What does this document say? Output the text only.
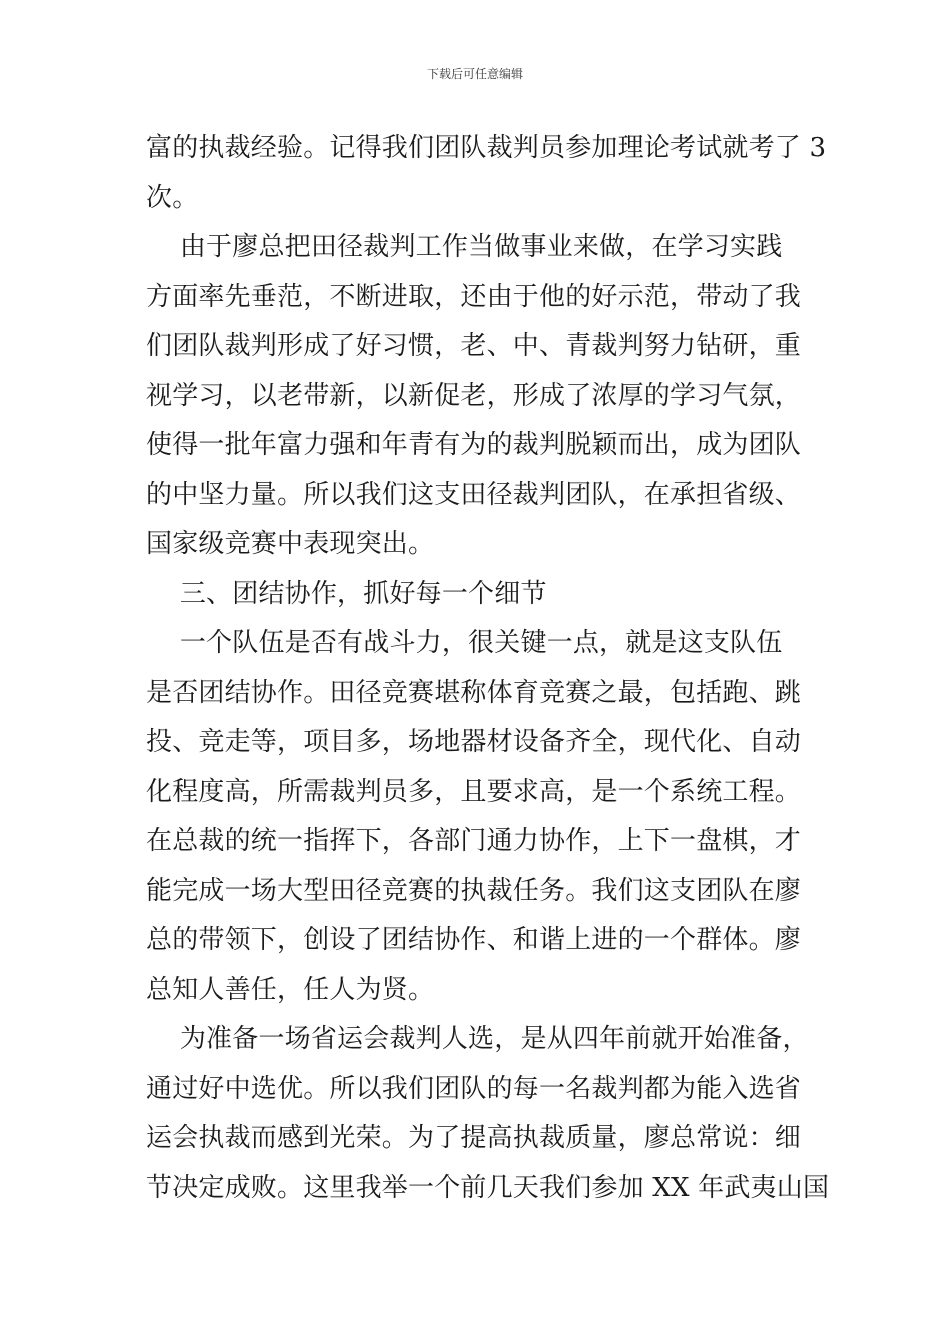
下载后可任意编辑
富的执裁经验。记得我们团队裁判员参加理论考试就考了 3
次。
由于廖总把田径裁判工作当做事业来做，在学习实践
方面率先垂范，不断进取，还由于他的好示范，带动了我
们团队裁判形成了好习惯，老、中、青裁判努力钻研，重
视学习，以老带新，以新促老，形成了浓厚的学习气氛，
使得一批年富力强和年青有为的裁判脱颖而出，成为团队
的中坚力量。所以我们这支田径裁判团队，在承担省级、
国家级竞赛中表现突出。
三、团结协作，抓好每一个细节
一个队伍是否有战斗力，很关键一点，就是这支队伍
是否团结协作。田径竞赛堪称体育竞赛之最，包括跑、跳
投、竞走等，项目多，场地器材设备齐全，现代化、自动
化程度高，所需裁判员多，且要求高，是一个系统工程。
在总裁的统一指挥下，各部门通力协作，上下一盘棋，才
能完成一场大型田径竞赛的执裁任务。我们这支团队在廖
总的带领下，创设了团结协作、和谐上进的一个群体。廖
总知人善任，任人为贤。
为准备一场省运会裁判人选，是从四年前就开始准备，
通过好中选优。所以我们团队的每一名裁判都为能入选省
运会执裁而感到光荣。为了提高执裁质量，廖总常说：细
节决定成败。这里我举一个前几天我们参加 XX 年武夷山国
